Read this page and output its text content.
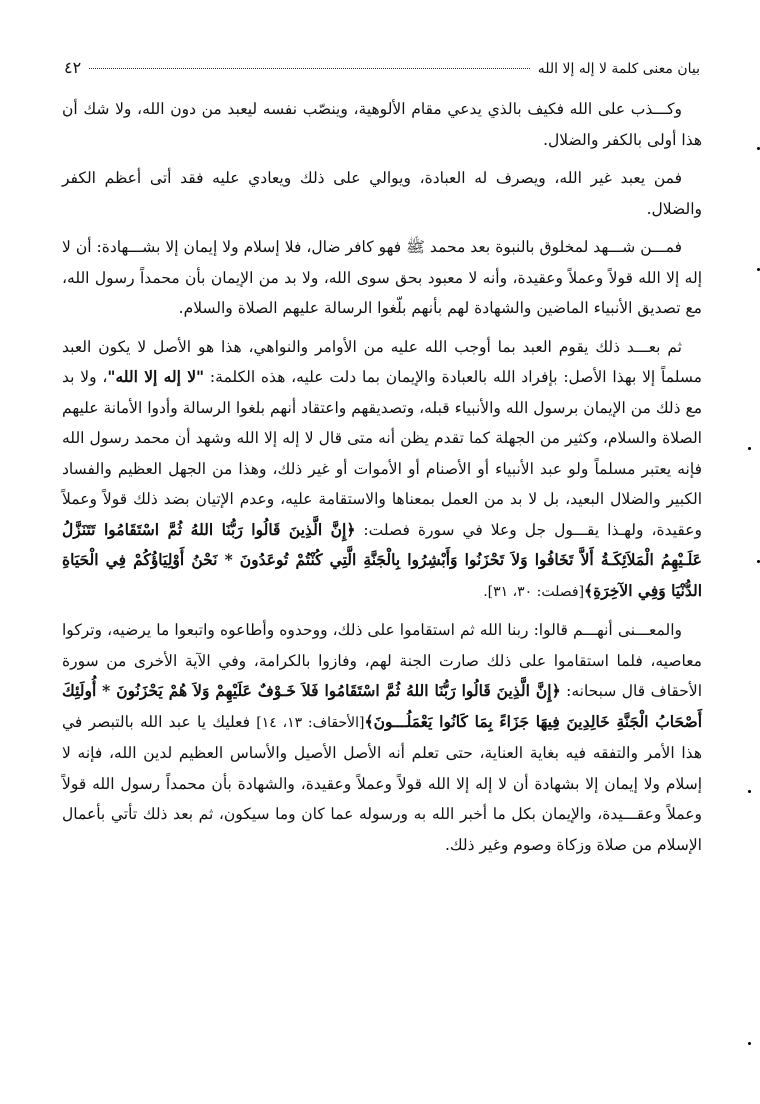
بيان معنى كلمة لا إله إلا الله
٤٢

وكـــذب على الله فكيف بالذي يدعي مقام الألوهية، وينصّب نفسه ليعبد من دون الله، ولا شك أن هذا أولى بالكفر والضلال.

فمن يعبد غير الله، ويصرف له العبادة، ويوالي على ذلك ويعادي عليه فقد أتى أعظم الكفر والضلال.

فمـــن شـــهد لمخلوق بالنبوة بعد محمد ﷺ فهو كافر ضال، فلا إسلام ولا إيمان إلا بشـــهادة: أن لا إله إلا الله قولاً وعملاً وعقيدة، وأنه لا معبود بحق سوى الله، ولا بد من الإيمان بأن محمداً رسول الله، مع تصديق الأنبياء الماضين والشهادة لهم بأنهم بلّغوا الرسالة عليهم الصلاة والسلام.

ثم بعـــد ذلك يقوم العبد بما أوجب الله عليه من الأوامر والنواهي، هذا هو الأصل لا يكون العبد مسلماً إلا بهذا الأصل: بإفراد الله بالعبادة والإيمان بما دلت عليه، هذه الكلمة: "لا إله إلا الله"، ولا بد مع ذلك من الإيمان برسول الله والأنبياء قبله، وتصديقهم واعتقاد أنهم بلغوا الرسالة وأدوا الأمانة عليهم الصلاة والسلام، وكثير من الجهلة كما تقدم يظن أنه متى قال لا إله إلا الله وشهد أن محمد رسول الله فإنه يعتبر مسلماً ولو عبد الأنبياء أو الأصنام أو الأموات أو غير ذلك، وهذا من الجهل العظيم والفساد الكبير والضلال البعيد، بل لا بد من العمل بمعناها والاستقامة عليه، وعدم الإتيان بضد ذلك قولاً وعملاً وعقيدة، ولهـذا يقـــول جل وعلا في سورة فصلت: ﴿إِنَّ الَّذِينَ قَالُوا رَبُّنَا اللهُ ثُمَّ اسْتَقَامُوا تَتَنَزَّلُ عَلَـيْهِمُ الْمَلاَئِكَـةُ أَلاَّ تَخَافُوا وَلاَ تَحْزَنُوا وَأَبْشِرُوا بِالْجَنَّةِ الَّتِي كُنْتُمْ تُوعَدُونَ * نَحْنُ أَوْلِيَاؤُكُمْ فِي الْحَيَاةِ الدُّنْيَا وَفِي الآخِرَةِ﴾[فصلت: ٣٠، ٣١].

والمعـــنى أنهـــم قالوا: ربنا الله ثم استقاموا على ذلك، ووحدوه وأطاعوه واتبعوا ما يرضيه، وتركوا معاصيه، فلما استقاموا على ذلك صارت الجنة لهم، وفازوا بالكرامة، وفي الآية الأخرى من سورة الأحقاف قال سبحانه: ﴿إِنَّ الَّذِينَ قَالُوا رَبُّنَا اللهُ ثُمَّ اسْتَقَامُوا فَلاَ خَـوْفٌ عَلَيْهِمْ وَلاَ هُمْ يَحْزَنُونَ * أُولَئِكَ أَصْحَابُ الْجَنَّةِ خَالِدِينَ فِيهَا جَزَاءً بِمَا كَانُوا يَعْمَلُـــونَ﴾[الأحقاف: ١٣، ١٤] فعليك يا عبد الله بالتبصر في هذا الأمر والتفقه فيه بغاية العناية، حتى تعلم أنه الأصل الأصيل والأساس العظيم لدين الله، فإنه لا إسلام ولا إيمان إلا بشهادة أن لا إله إلا الله قولاً وعملاً وعقيدة، والشهادة بأن محمداً رسول الله قولاً وعملاً وعقـــيدة، والإيمان بكل ما أخبر الله به ورسوله عما كان وما سيكون، ثم بعد ذلك تأتي بأعمال الإسلام من صلاة وزكاة وصوم وغير ذلك.
